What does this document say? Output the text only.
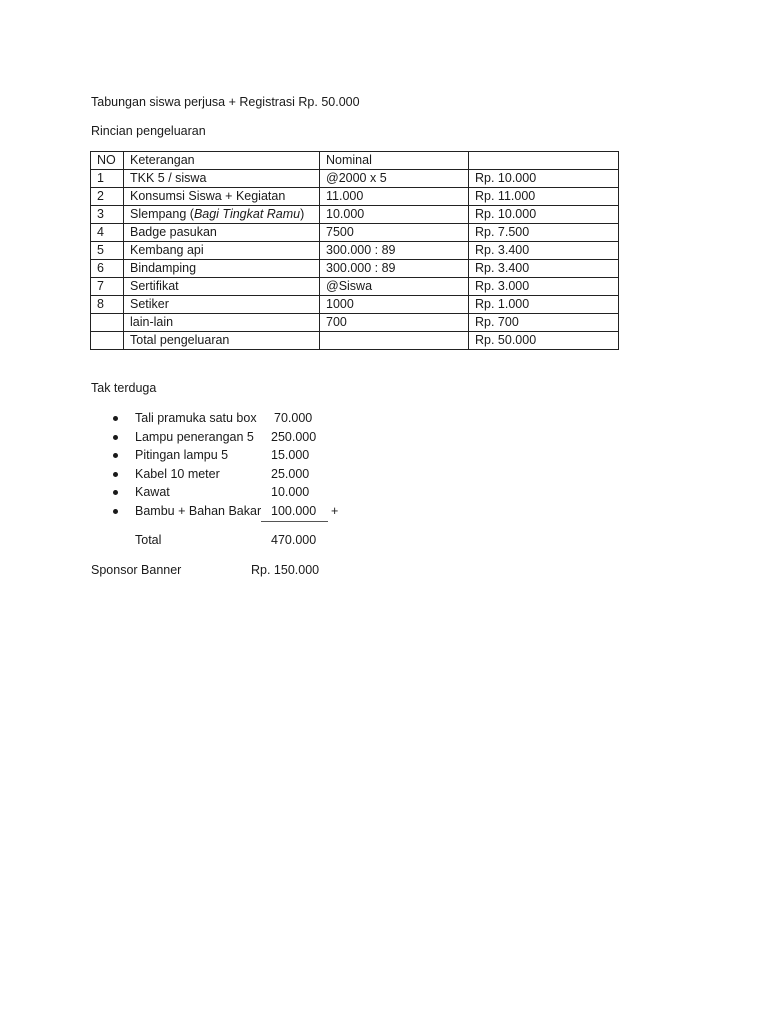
Tabungan siswa perjusa + Registrasi Rp. 50.000
Rincian pengeluaran
NO	Keterangan	Nominal	
1	TKK 5 / siswa	@2000 x 5	Rp. 10.000
2	Konsumsi Siswa + Kegiatan	11.000	Rp. 11.000
3	Slempang (Bagi Tingkat Ramu)	10.000	Rp. 10.000
4	Badge pasukan	7500	Rp. 7.500
5	Kembang api	300.000 : 89	Rp. 3.400
6	Bindamping	300.000 : 89	Rp. 3.400
7	Sertifikat	@Siswa	Rp. 3.000
8	Setiker	1000	Rp. 1.000
	lain-lain	700	Rp. 700
	Total pengeluaran		Rp. 50.000
Tak terduga
Tali pramuka satu box 70.000
Lampu penerangan 5 250.000
Pitingan lampu 5	15.000
Kabel 10 meter	25.000
Kawat	10.000
Bambu + Bahan Bakar 100.000 +
Total	470.000
Sponsor Banner	Rp. 150.000
